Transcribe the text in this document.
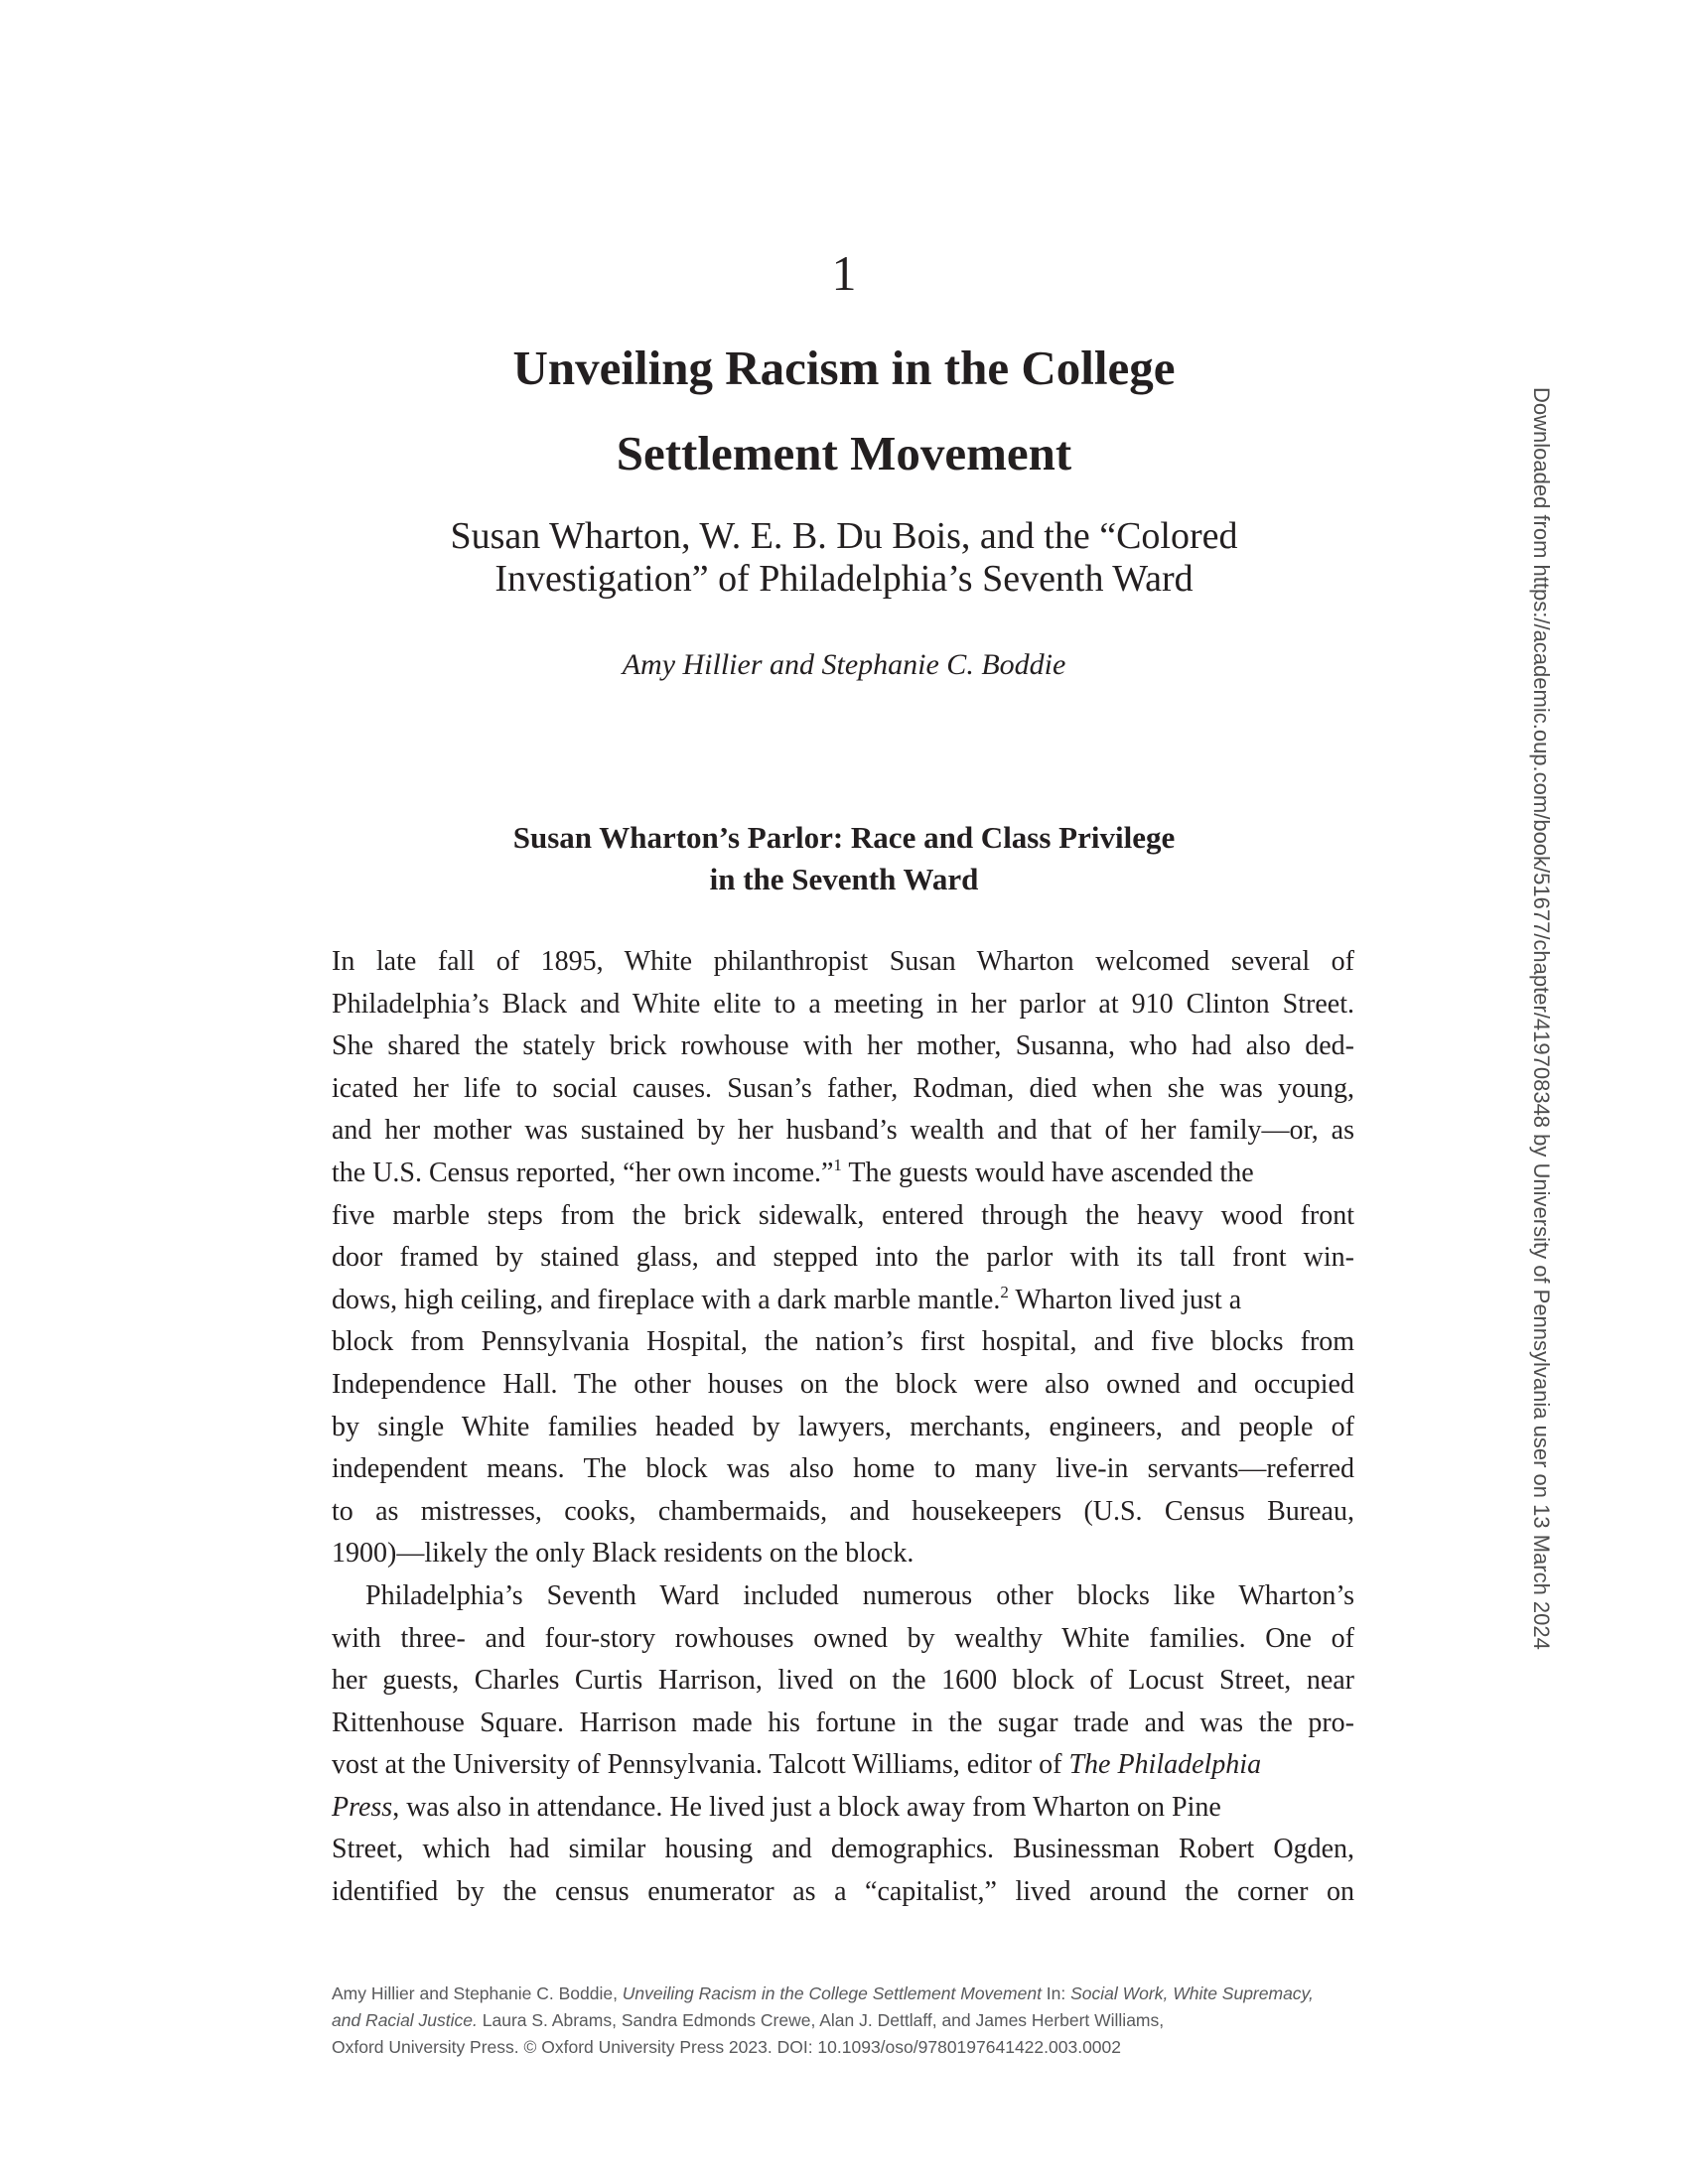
1
Unveiling Racism in the College
Settlement Movement
Susan Wharton, W. E. B. Du Bois, and the “Colored
Investigation” of Philadelphia’s Seventh Ward
Amy Hillier and Stephanie C. Boddie
Susan Wharton’s Parlor: Race and Class Privilege
in the Seventh Ward
In late fall of 1895, White philanthropist Susan Wharton welcomed several of
Philadelphia’s Black and White elite to a meeting in her parlor at 910 Clinton Street.
She shared the stately brick rowhouse with her mother, Susanna, who had also ded-
icated her life to social causes. Susan’s father, Rodman, died when she was young,
and her mother was sustained by her husband’s wealth and that of her family—or, as
the U.S. Census reported, “her own income.”$^1$ The guests would have ascended the
five marble steps from the brick sidewalk, entered through the heavy wood front
door framed by stained glass, and stepped into the parlor with its tall front win-
dows, high ceiling, and fireplace with a dark marble mantle.$^2$ Wharton lived just a
block from Pennsylvania Hospital, the nation’s first hospital, and five blocks from
Independence Hall. The other houses on the block were also owned and occupied
by single White families headed by lawyers, merchants, engineers, and people of
independent means. The block was also home to many live-in servants—referred
to as mistresses, cooks, chambermaids, and housekeepers (U.S. Census Bureau,
1900)—likely the only Black residents on the block.
Philadelphia’s Seventh Ward included numerous other blocks like Wharton’s
with three- and four-story rowhouses owned by wealthy White families. One of
her guests, Charles Curtis Harrison, lived on the 1600 block of Locust Street, near
Rittenhouse Square. Harrison made his fortune in the sugar trade and was the pro-
vost at the University of Pennsylvania. Talcott Williams, editor of The Philadelphia
Press, was also in attendance. He lived just a block away from Wharton on Pine
Street, which had similar housing and demographics. Businessman Robert Ogden,
identified by the census enumerator as a “capitalist,” lived around the corner on
Amy Hillier and Stephanie C. Boddie, Unveiling Racism in the College Settlement Movement In: Social Work, White Supremacy,
and Racial Justice. Laura S. Abrams, Sandra Edmonds Crewe, Alan J. Dettlaff, and James Herbert Williams,
Oxford University Press. © Oxford University Press 2023. DOI: 10.1093/oso/9780197641422.003.0002
Downloaded from https://academic.oup.com/book/51677/chapter/419708348 by University of Pennsylvania user on 13 March 2024
